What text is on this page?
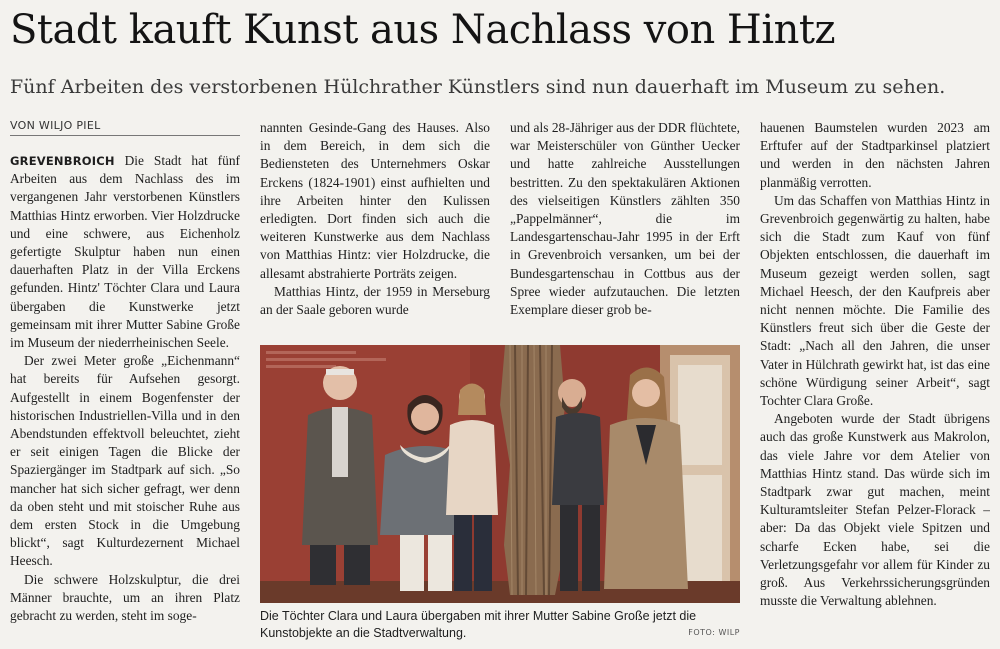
Stadt kauft Kunst aus Nachlass von Hintz
Fünf Arbeiten des verstorbenen Hülchrather Künstlers sind nun dauerhaft im Museum zu sehen.
VON WILJO PIEL

GREVENBROICH Die Stadt hat fünf Arbeiten aus dem Nachlass des im vergangenen Jahr verstorbenen Künstlers Matthias Hintz erworben. Vier Holzdrucke und eine schwere, aus Eichenholz gefertigte Skulptur haben nun einen dauerhaften Platz in der Villa Erckens gefunden. Hintz' Töchter Clara und Laura übergaben die Kunstwerke jetzt gemeinsam mit ihrer Mutter Sabine Große im Museum der niederrheinischen Seele.

Der zwei Meter große „Eichenmann“ hat bereits für Aufsehen gesorgt. Aufgestellt in einem Bogenfenster der historischen Industriellen-Villa und in den Abendstunden effektvoll beleuchtet, zieht er seit einigen Tagen die Blicke der Spaziergänger im Stadtpark auf sich. „So mancher hat sich sicher gefragt, wer denn da oben steht und mit stoischer Ruhe aus dem ersten Stock in die Umgebung blickt“, sagt Kulturdezernent Michael Heesch.

Die schwere Holzskulptur, die drei Männer brauchte, um an ihren Platz gebracht zu werden, steht im soge-

nannten Gesinde-Gang des Hauses. Also in dem Bereich, in dem sich die Bediensteten des Unternehmers Oskar Erckens (1824-1901) einst aufhielten und ihre Arbeiten hinter den Kulissen erledigten. Dort finden sich auch die weiteren Kunstwerke aus dem Nachlass von Matthias Hintz: vier Holzdrucke, die allesamt abstrahierte Porträts zeigen.

Matthias Hintz, der 1959 in Merseburg an der Saale geboren wurde

und als 28-Jähriger aus der DDR flüchtete, war Meisterschüler von Günther Uecker und hatte zahlreiche Ausstellungen bestritten. Zu den spektakulären Aktionen des vielseitigen Künstlers zählten 350 „Pappelmänner“, die im Landesgartenschau-Jahr 1995 in der Erft in Grevenbroich versanken, um bei der Bundesgartenschau in Cottbus aus der Spree wieder aufzutauchen. Die letzten Exemplare dieser grob be-

hauenen Baumstelen wurden 2023 am Erftufer auf der Stadtparkinsel platziert und werden in den nächsten Jahren planmäßig verrotten.

Um das Schaffen von Matthias Hintz in Grevenbroich gegenwärtig zu halten, habe sich die Stadt zum Kauf von fünf Objekten entschlossen, die dauerhaft im Museum gezeigt werden sollen, sagt Michael Heesch, der den Kaufpreis aber nicht nennen möchte. Die Familie des Künstlers freut sich über die Geste der Stadt: „Nach all den Jahren, die unser Vater in Hülchrath gewirkt hat, ist das eine schöne Würdigung seiner Arbeit“, sagt Tochter Clara Große.

Angeboten wurde der Stadt übrigens auch das große Kunstwerk aus Makrolon, das viele Jahre vor dem Atelier von Matthias Hintz stand. Das würde sich im Stadtpark zwar gut machen, meint Kulturamtsleiter Stefan Pelzer-Florack – aber: Da das Objekt viele Spitzen und scharfe Ecken habe, sei die Verletzungsgefahr vor allem für Kinder zu groß. Aus Verkehrssicherungsgründen musste die Verwaltung ablehnen.

Die Töchter Clara und Laura übergaben mit ihrer Mutter Sabine Große jetzt die Kunstobjekte an die Stadtverwaltung.	FOTO: WILP
